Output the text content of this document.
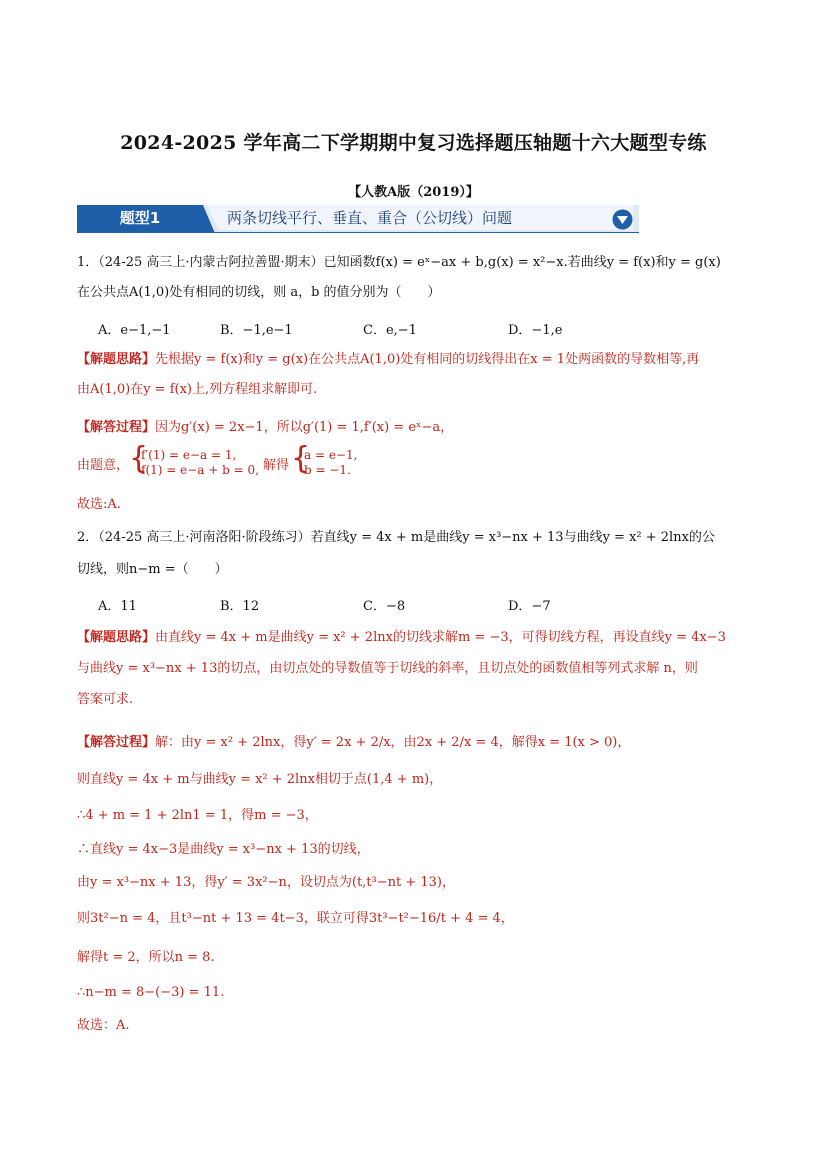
2024-2025 学年高二下学期期中复习选择题压轴题十六大题型专练
【人教A版（2019）】
题型1	两条切线平行、垂直、重合（公切线）问题
1．（24-25 高三上·内蒙古阿拉善盟·期末）已知函数f(x) = eˣ−ax + b,g(x) = x²−x.若曲线y = f(x)和y = g(x)
在公共点A(1,0)处有相同的切线，则 a，b 的值分别为（　　）
A．e−1,−1	B．−1,e−1	C．e,−1	D．−1,e
【解题思路】先根据y = f(x)和y = g(x)在公共点A(1,0)处有相同的切线得出在x = 1处两函数的导数相等,再
由A(1,0)在y = f(x)上,列方程组求解即可.
【解答过程】因为g′(x) = 2x−1，所以g′(1) = 1,f′(x) = eˣ−a，
由题意， {
f′(1) = e−a = 1,
f(1) = e−a + b = 0, 解得 {
a = e−1,
b = −1.
故选:A.
2．（24-25 高三上·河南洛阳·阶段练习）若直线y = 4x + m是曲线y = x³−nx + 13与曲线y = x² + 2lnx的公
切线，则n−m =（　　）
A．11	B．12	C．−8	D．−7
【解题思路】由直线y = 4x + m是曲线y = x² + 2lnx的切线求解m = −3，可得切线方程，再设直线y = 4x−3
与曲线y = x³−nx + 13的切点，由切点处的导数值等于切线的斜率，且切点处的函数值相等列式求解 n，则
答案可求.
【解答过程】解：由y = x² + 2lnx，得y′ = 2x + 2/x，由2x + 2/x = 4，解得x = 1(x > 0)，
则直线y = 4x + m与曲线y = x² + 2lnx相切于点(1,4 + m)，
∴4 + m = 1 + 2ln1 = 1，得m = −3，
∴直线y = 4x−3是曲线y = x³−nx + 13的切线，
由y = x³−nx + 13，得y′ = 3x²−n，设切点为(t,t³−nt + 13)，
则3t²−n = 4，且t³−nt + 13 = 4t−3，联立可得3t³−t²−16/t + 4 = 4，
解得t = 2，所以n = 8.
∴n−m = 8−(−3) = 11.
故选：A.
